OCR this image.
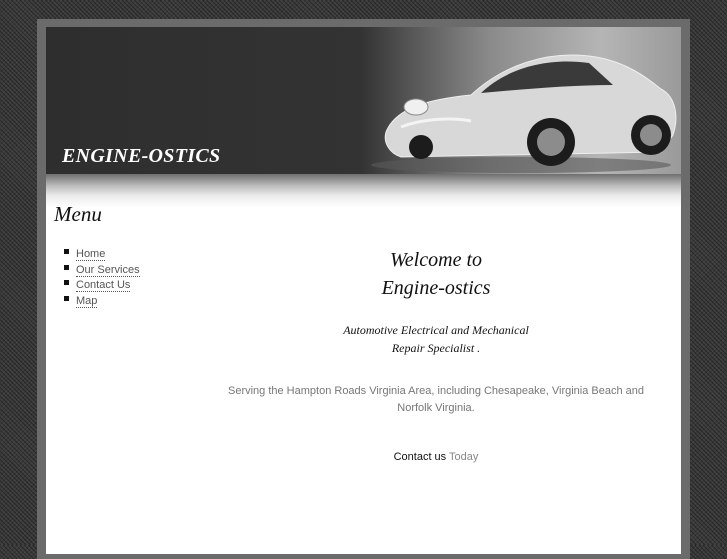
ENGINE-OSTICS
Menu
Home
Our Services
Contact Us
Map

Welcome to
Engine-ostics

Automotive Electrical and Mechanical
Repair Specialist .

Serving the Hampton Roads Virginia Area, including Chesapeake, Virginia Beach and
Norfolk Virginia.

Contact us Today
